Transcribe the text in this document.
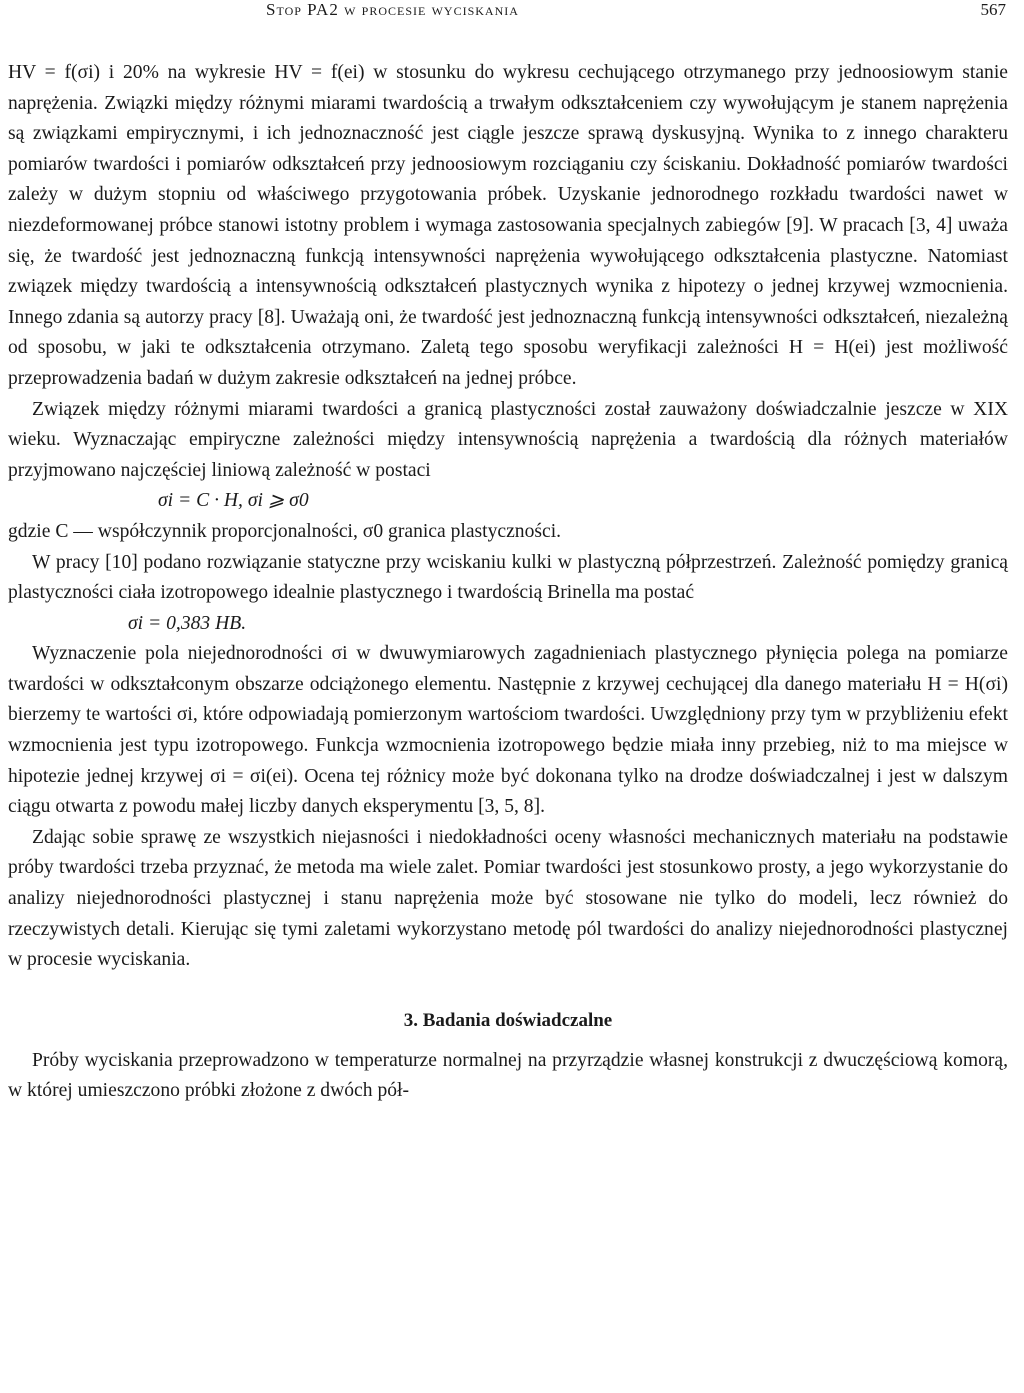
Stop PA2 w procesie wyciskania	567

HV = f(σi) i 20% na wykresie HV = f(ei) w stosunku do wykresu cechującego otrzymanego przy jednoosiowym stanie naprężenia. Związki między różnymi miarami twardością a trwałym odkształceniem czy wywołującym je stanem naprężenia są związkami empirycznymi, i ich jednoznaczność jest ciągle jeszcze sprawą dyskusyjną. Wynika to z innego charakteru pomiarów twardości i pomiarów odkształceń przy jednoosiowym rozciąganiu czy ściskaniu. Dokładność pomiarów twardości zależy w dużym stopniu od właściwego przygotowania próbek. Uzyskanie jednorodnego rozkładu twardości nawet w niezdeformowanej próbce stanowi istotny problem i wymaga zastosowania specjalnych zabiegów [9]. W pracach [3, 4] uważa się, że twardość jest jednoznaczną funkcją intensywności naprężenia wywołującego odkształcenia plastyczne. Natomiast związek między twardością a intensywnością odkształceń plastycznych wynika z hipotezy o jednej krzywej wzmocnienia. Innego zdania są autorzy pracy [8]. Uważają oni, że twardość jest jednoznaczną funkcją intensywności odkształceń, niezależną od sposobu, w jaki te odkształcenia otrzymano. Zaletą tego sposobu weryfikacji zależności H = H(ei) jest możliwość przeprowadzenia badań w dużym zakresie odkształceń na jednej próbce.

Związek między różnymi miarami twardości a granicą plastyczności został zauważony doświadczalnie jeszcze w XIX wieku. Wyznaczając empiryczne zależności między intensywnością naprężenia a twardością dla różnych materiałów przyjmowano najczęściej liniową zależność w postaci

σi = C · H, σi ⩾ σ0

gdzie C — współczynnik proporcjonalności, σ0 granica plastyczności.

W pracy [10] podano rozwiązanie statyczne przy wciskaniu kulki w plastyczną półprzestrzeń. Zależność pomiędzy granicą plastyczności ciała izotropowego idealnie plastycznego i twardością Brinella ma postać

σi = 0,383 HB.

Wyznaczenie pola niejednorodności σi w dwuwymiarowych zagadnieniach plastycznego płynięcia polega na pomiarze twardości w odkształconym obszarze odciążonego elementu. Następnie z krzywej cechującej dla danego materiału H = H(σi) bierzemy te wartości σi, które odpowiadają pomierzonym wartościom twardości. Uwzględniony przy tym w przybliżeniu efekt wzmocnienia jest typu izotropowego. Funkcja wzmocnienia izotropowego będzie miała inny przebieg, niż to ma miejsce w hipotezie jednej krzywej σi = σi(ei). Ocena tej różnicy może być dokonana tylko na drodze doświadczalnej i jest w dalszym ciągu otwarta z powodu małej liczby danych eksperymentu [3, 5, 8].

Zdając sobie sprawę ze wszystkich niejasności i niedokładności oceny własności mechanicznych materiału na podstawie próby twardości trzeba przyznać, że metoda ma wiele zalet. Pomiar twardości jest stosunkowo prosty, a jego wykorzystanie do analizy niejednorodności plastycznej i stanu naprężenia może być stosowane nie tylko do modeli, lecz również do rzeczywistych detali. Kierując się tymi zaletami wykorzystano metodę pól twardości do analizy niejednorodności plastycznej w procesie wyciskania.

3. Badania doświadczalne

Próby wyciskania przeprowadzono w temperaturze normalnej na przyrządzie własnej konstrukcji z dwuczęściową komorą, w której umieszczono próbki złożone z dwóch pół-
